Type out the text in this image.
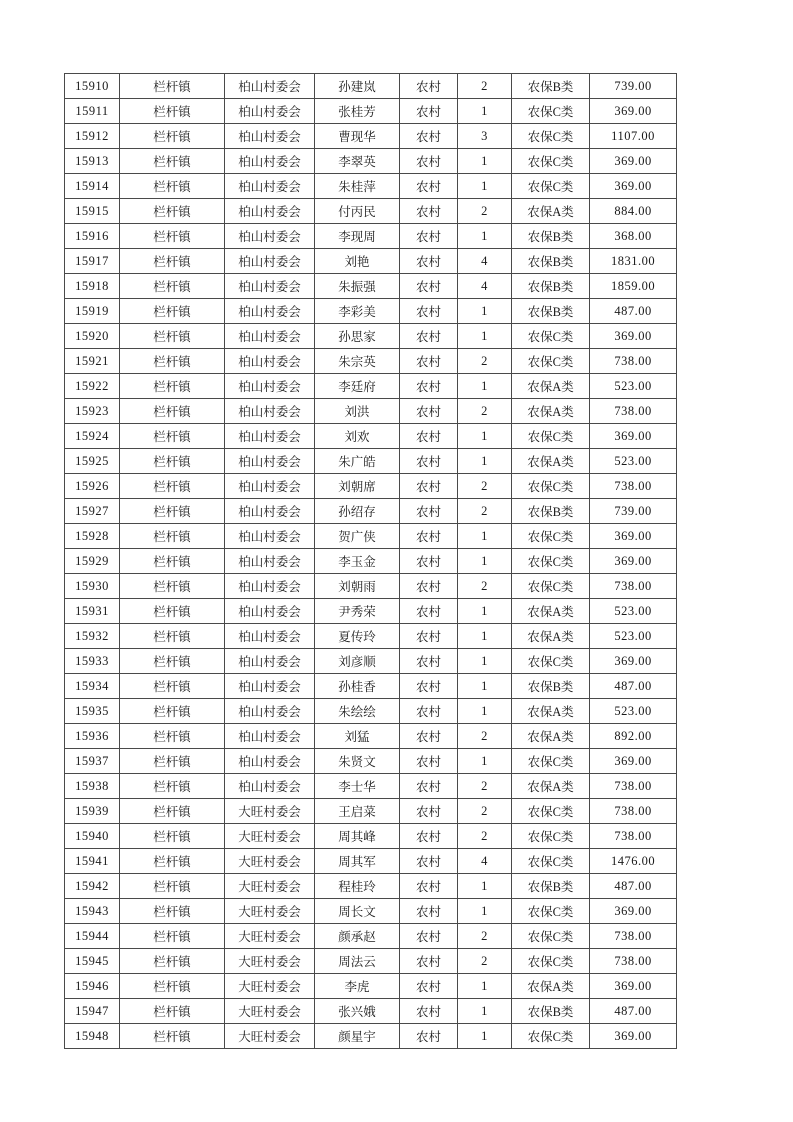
15910	栏杆镇	柏山村委会	孙建岚	农村	2	农保B类	739.00
15911	栏杆镇	柏山村委会	张桂芳	农村	1	农保C类	369.00
15912	栏杆镇	柏山村委会	曹现华	农村	3	农保C类	1107.00
15913	栏杆镇	柏山村委会	李翠英	农村	1	农保C类	369.00
15914	栏杆镇	柏山村委会	朱桂萍	农村	1	农保C类	369.00
15915	栏杆镇	柏山村委会	付丙民	农村	2	农保A类	884.00
15916	栏杆镇	柏山村委会	李现周	农村	1	农保B类	368.00
15917	栏杆镇	柏山村委会	刘艳	农村	4	农保B类	1831.00
15918	栏杆镇	柏山村委会	朱振强	农村	4	农保B类	1859.00
15919	栏杆镇	柏山村委会	李彩美	农村	1	农保B类	487.00
15920	栏杆镇	柏山村委会	孙思家	农村	1	农保C类	369.00
15921	栏杆镇	柏山村委会	朱宗英	农村	2	农保C类	738.00
15922	栏杆镇	柏山村委会	李廷府	农村	1	农保A类	523.00
15923	栏杆镇	柏山村委会	刘洪	农村	2	农保A类	738.00
15924	栏杆镇	柏山村委会	刘欢	农村	1	农保C类	369.00
15925	栏杆镇	柏山村委会	朱广皓	农村	1	农保A类	523.00
15926	栏杆镇	柏山村委会	刘朝席	农村	2	农保C类	738.00
15927	栏杆镇	柏山村委会	孙绍存	农村	2	农保B类	739.00
15928	栏杆镇	柏山村委会	贺广侠	农村	1	农保C类	369.00
15929	栏杆镇	柏山村委会	李玉金	农村	1	农保C类	369.00
15930	栏杆镇	柏山村委会	刘朝雨	农村	2	农保C类	738.00
15931	栏杆镇	柏山村委会	尹秀荣	农村	1	农保A类	523.00
15932	栏杆镇	柏山村委会	夏传玲	农村	1	农保A类	523.00
15933	栏杆镇	柏山村委会	刘彦顺	农村	1	农保C类	369.00
15934	栏杆镇	柏山村委会	孙桂香	农村	1	农保B类	487.00
15935	栏杆镇	柏山村委会	朱绘绘	农村	1	农保A类	523.00
15936	栏杆镇	柏山村委会	刘猛	农村	2	农保A类	892.00
15937	栏杆镇	柏山村委会	朱贤文	农村	1	农保C类	369.00
15938	栏杆镇	柏山村委会	李士华	农村	2	农保A类	738.00
15939	栏杆镇	大旺村委会	王启菜	农村	2	农保C类	738.00
15940	栏杆镇	大旺村委会	周其峰	农村	2	农保C类	738.00
15941	栏杆镇	大旺村委会	周其军	农村	4	农保C类	1476.00
15942	栏杆镇	大旺村委会	程桂玲	农村	1	农保B类	487.00
15943	栏杆镇	大旺村委会	周长文	农村	1	农保C类	369.00
15944	栏杆镇	大旺村委会	颜承赵	农村	2	农保C类	738.00
15945	栏杆镇	大旺村委会	周法云	农村	2	农保C类	738.00
15946	栏杆镇	大旺村委会	李虎	农村	1	农保A类	369.00
15947	栏杆镇	大旺村委会	张兴娥	农村	1	农保B类	487.00
15948	栏杆镇	大旺村委会	颜星宇	农村	1	农保C类	369.00
